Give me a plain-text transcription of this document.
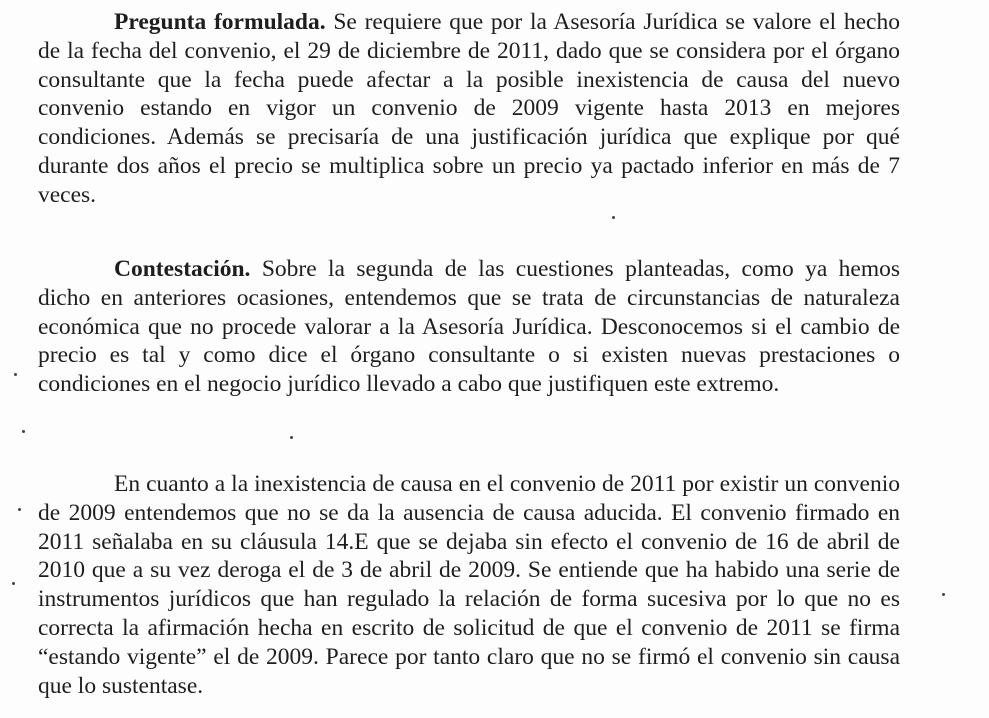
Pregunta formulada. Se requiere que por la Asesoría Jurídica se valore el hecho de la fecha del convenio, el 29 de diciembre de 2011, dado que se considera por el órgano consultante que la fecha puede afectar a la posible inexistencia de causa del nuevo convenio estando en vigor un convenio de 2009 vigente hasta 2013 en mejores condiciones. Además se precisaría de una justificación jurídica que explique por qué durante dos años el precio se multiplica sobre un precio ya pactado inferior en más de 7 veces.

Contestación. Sobre la segunda de las cuestiones planteadas, como ya hemos dicho en anteriores ocasiones, entendemos que se trata de circunstancias de naturaleza económica que no procede valorar a la Asesoría Jurídica. Desconocemos si el cambio de precio es tal y como dice el órgano consultante o si existen nuevas prestaciones o condiciones en el negocio jurídico llevado a cabo que justifiquen este extremo.

En cuanto a la inexistencia de causa en el convenio de 2011 por existir un convenio de 2009 entendemos que no se da la ausencia de causa aducida. El convenio firmado en 2011 señalaba en su cláusula 14.E que se dejaba sin efecto el convenio de 16 de abril de 2010 que a su vez deroga el de 3 de abril de 2009. Se entiende que ha habido una serie de instrumentos jurídicos que han regulado la relación de forma sucesiva por lo que no es correcta la afirmación hecha en escrito de solicitud de que el convenio de 2011 se firma “estando vigente” el de 2009. Parece por tanto claro que no se firmó el convenio sin causa que lo sustentase.
